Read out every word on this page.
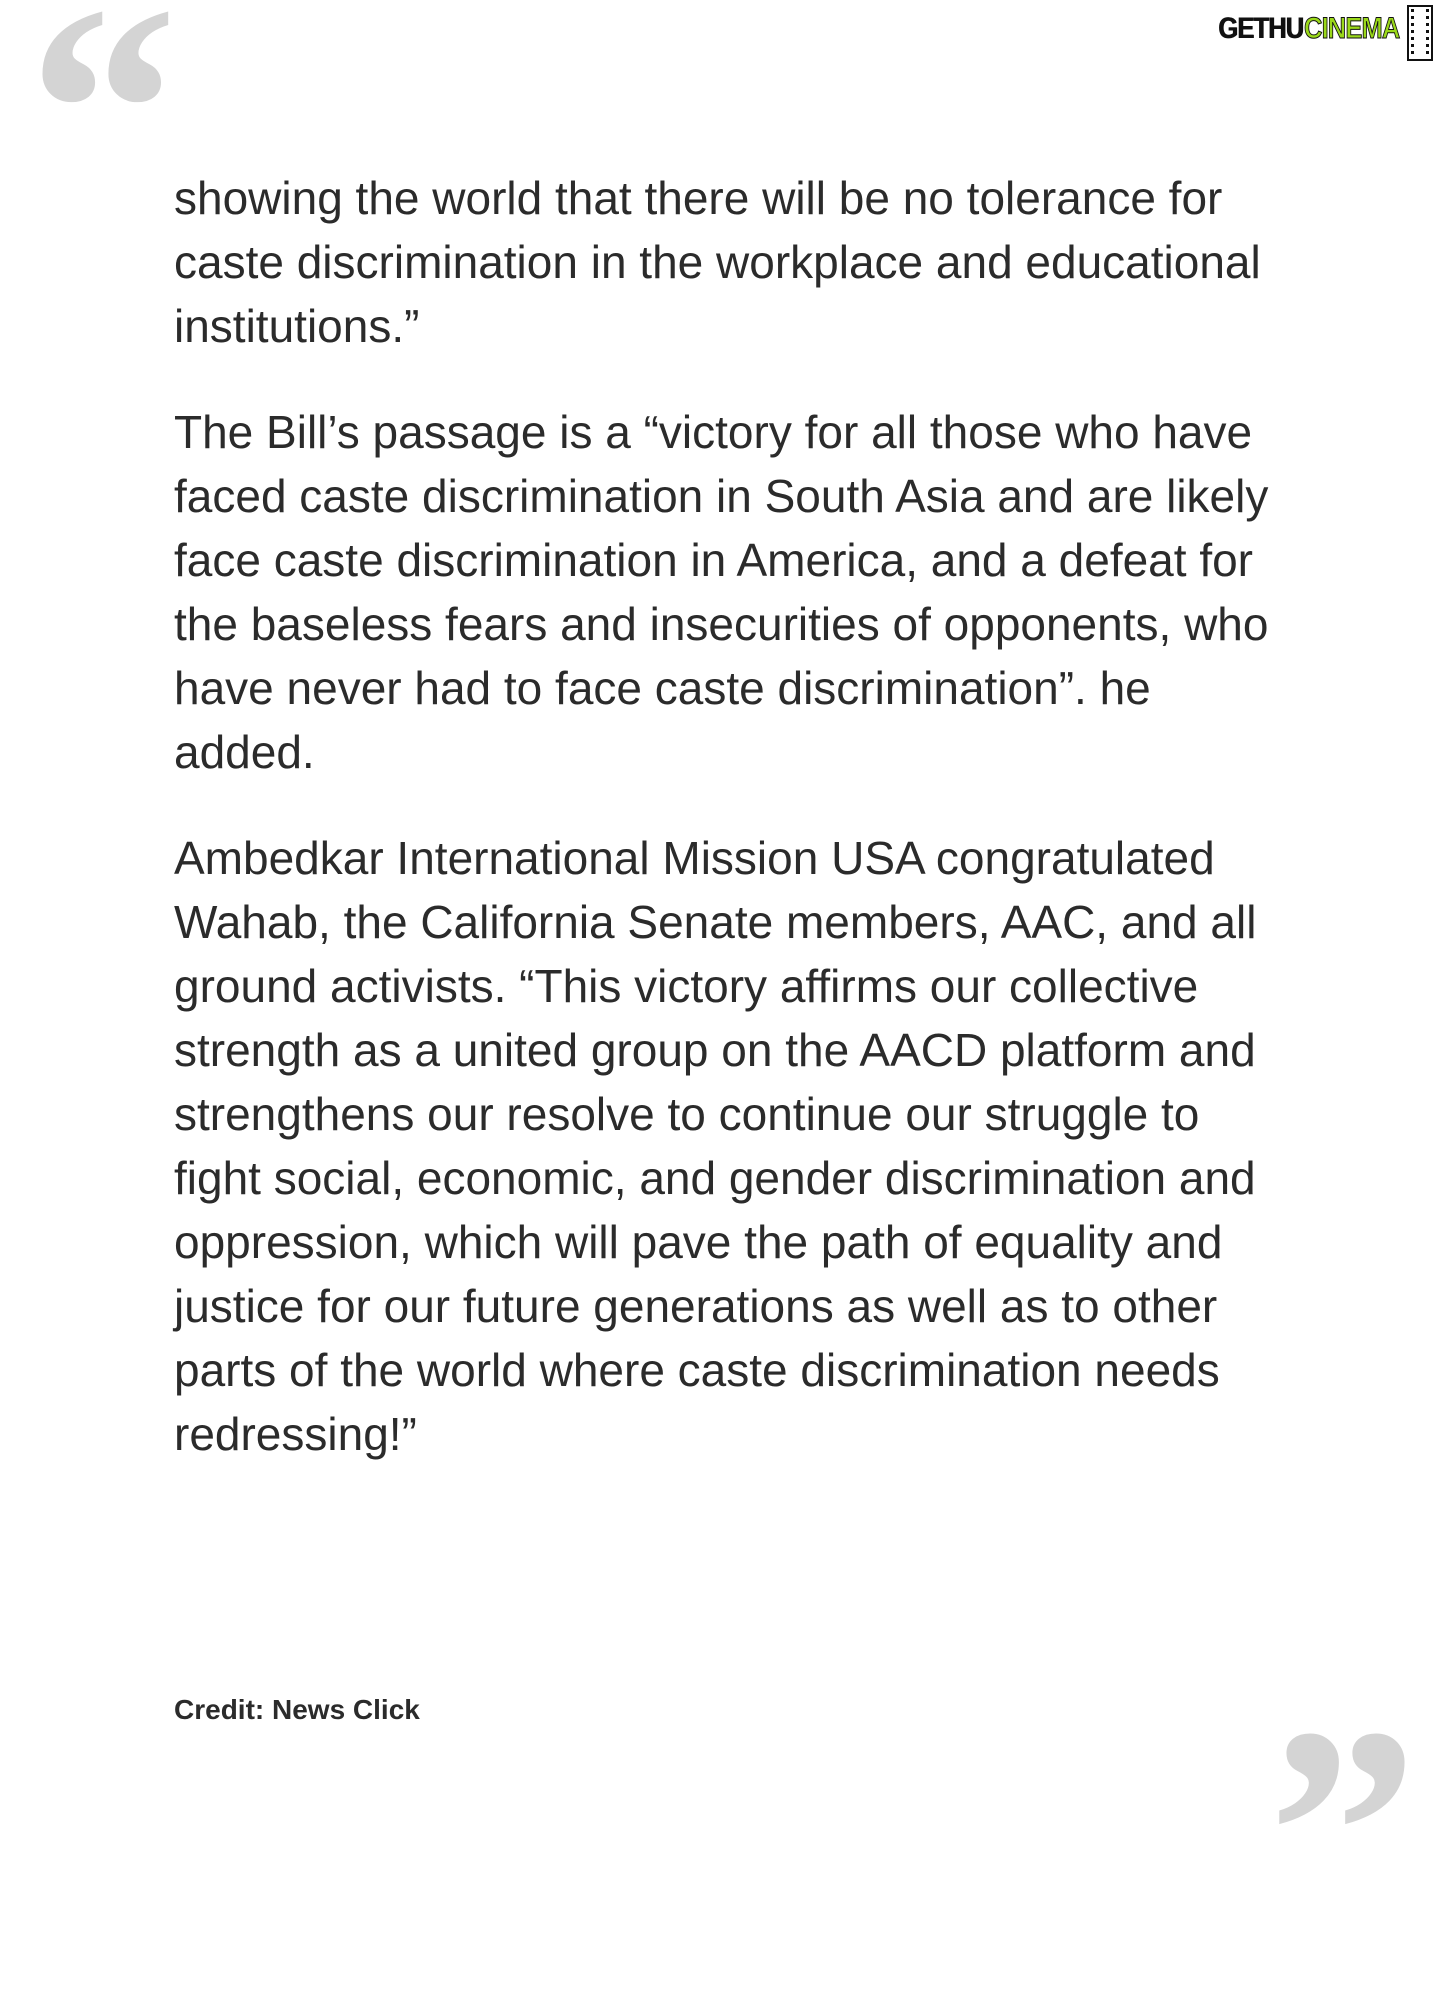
“	GETHU CINEMA

showing the world that there will be no tolerance for caste discrimination in the workplace and educational institutions.”

The Bill’s passage is a “victory for all those who have faced caste discrimination in South Asia and are likely face caste discrimination in America, and a defeat for the baseless fears and insecurities of opponents, who have never had to face caste discrimination”. he added.

Ambedkar International Mission USA congratulated Wahab, the California Senate members, AAC, and all ground activists. “This victory affirms our collective strength as a united group on the AACD platform and strengthens our resolve to continue our struggle to fight social, economic, and gender discrimination and oppression, which will pave the path of equality and justice for our future generations as well as to other parts of the world where caste discrimination needs redressing!”

Credit: News Click	”
